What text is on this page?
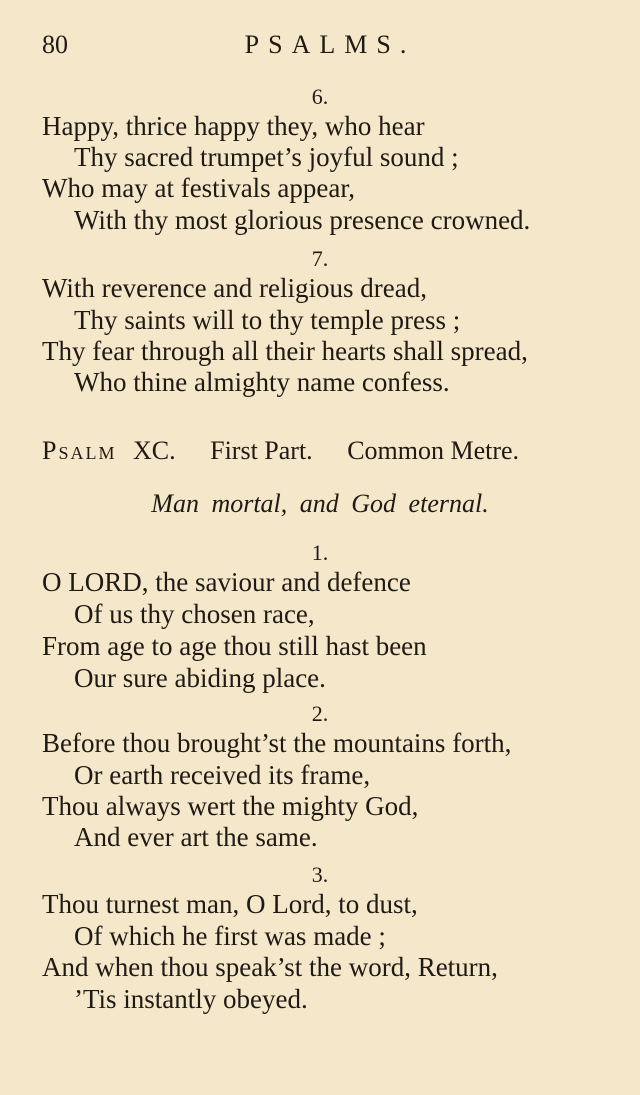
80	PSALMS.
6.
Happy, thrice happy they, who hear
Thy sacred trumpet’s joyful sound ;
Who may at festivals appear,
With thy most glorious presence crowned.
7.
With reverence and religious dread,
Thy saints will to thy temple press ;
Thy fear through all their hearts shall spread,
Who thine almighty name confess.
Psalm XC. First Part. Common Metre.
Man mortal, and God eternal.
1.
O LORD, the saviour and defence
Of us thy chosen race,
From age to age thou still hast been
Our sure abiding place.
2.
Before thou brought’st the mountains forth,
Or earth received its frame,
Thou always wert the mighty God,
And ever art the same.
3.
Thou turnest man, O Lord, to dust,
Of which he first was made ;
And when thou speak’st the word, Return,
’Tis instantly obeyed.
